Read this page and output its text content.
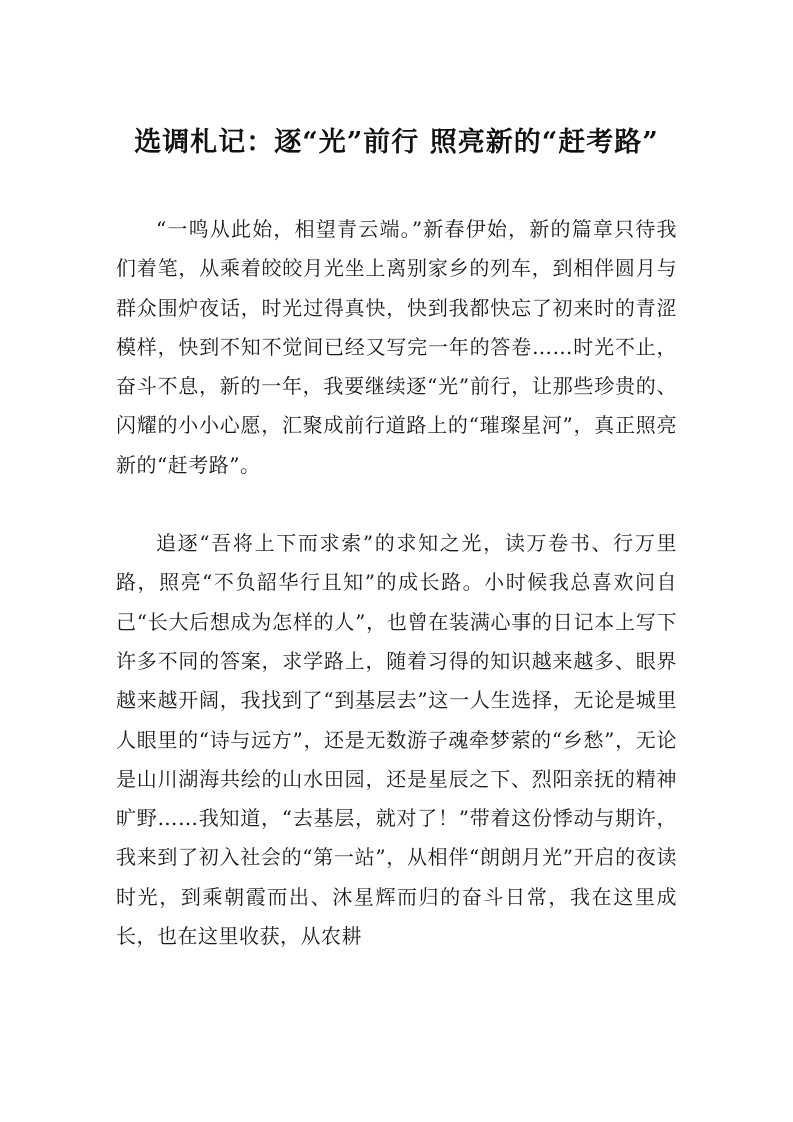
选调札记：逐“光”前行 照亮新的“赶考路”

“一鸣从此始，相望青云端。”新春伊始，新的篇章只待我们着笔，从乘着皎皎月光坐上离别家乡的列车，到相伴圆月与群众围炉夜话，时光过得真快，快到我都快忘了初来时的青涩模样，快到不知不觉间已经又写完一年的答卷……时光不止，奋斗不息，新的一年，我要继续逐“光”前行，让那些珍贵的、闪耀的小小心愿，汇聚成前行道路上的“璀璨星河”，真正照亮新的“赶考路”。

追逐“吾将上下而求索”的求知之光，读万卷书、行万里路，照亮“不负韶华行且知”的成长路。小时候我总喜欢问自己“长大后想成为怎样的人”，也曾在装满心事的日记本上写下许多不同的答案，求学路上，随着习得的知识越来越多、眼界越来越开阔，我找到了“到基层去”这一人生选择，无论是城里人眼里的“诗与远方”，还是无数游子魂牵梦萦的“乡愁”，无论是山川湖海共绘的山水田园，还是星辰之下、烈阳亲抚的精神旷野……我知道，“去基层，就对了！”带着这份悸动与期许，我来到了初入社会的“第一站”，从相伴“朗朗月光”开启的夜读时光，到乘朝霞而出、沐星辉而归的奋斗日常，我在这里成长，也在这里收获，从农耕
